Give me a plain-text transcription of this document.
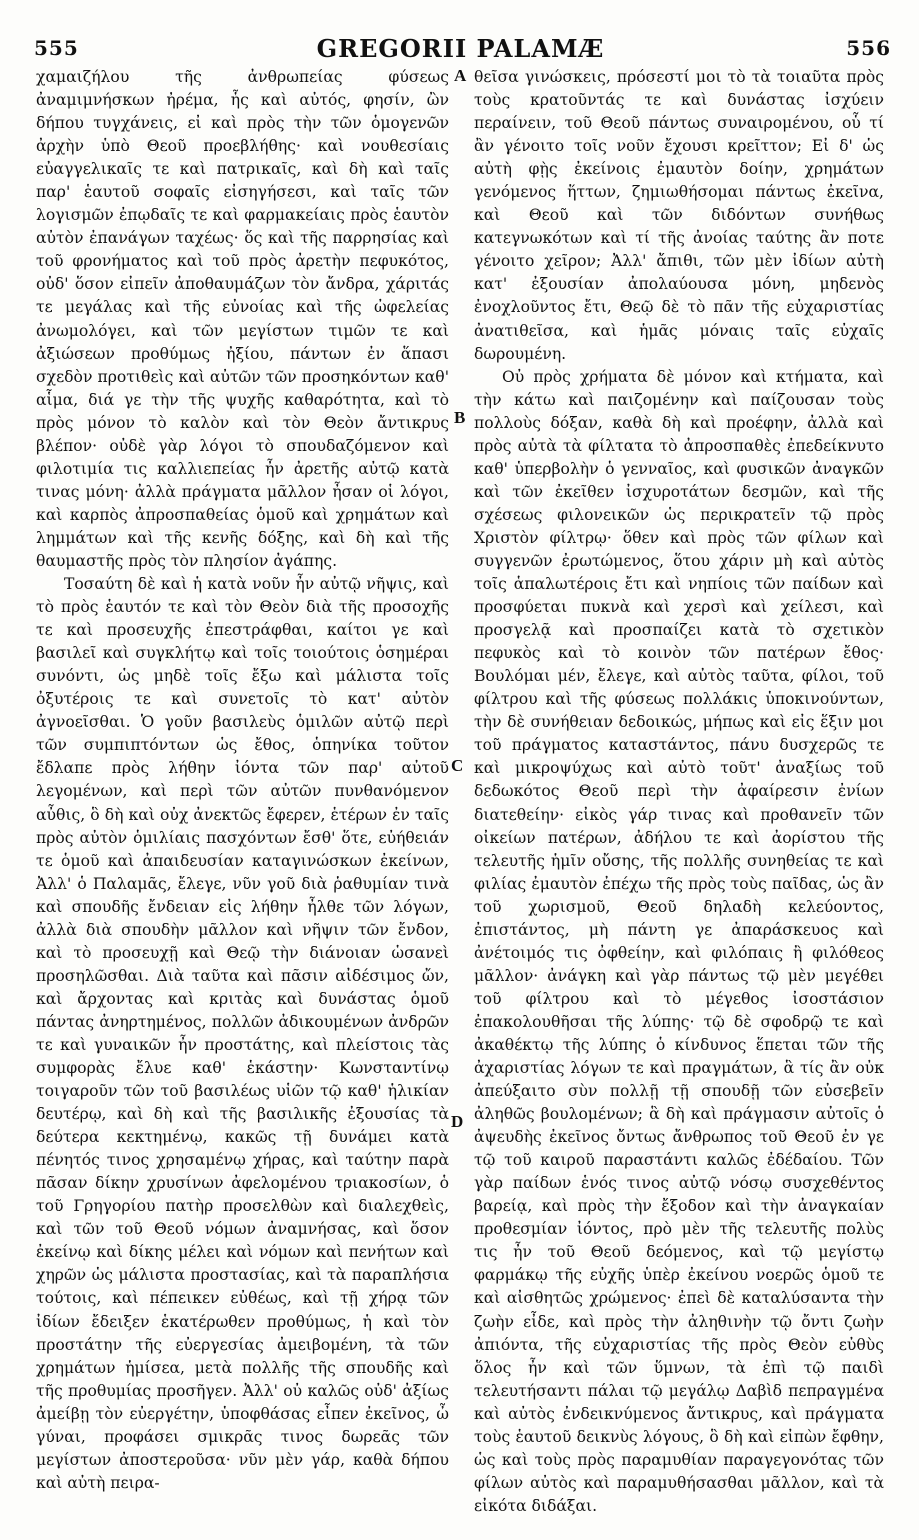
555	GREGORII PALAMÆ	556

χαμαιζήλου τῆς ἀνθρωπείας φύσεως ἀναμιμνήσκων ἠρέμα, ἧς καὶ αὐτός, φησίν, ὢν δήπου τυγχάνεις, εἰ καὶ πρὸς τὴν τῶν ὁμογενῶν ἀρχὴν ὑπὸ Θεοῦ προεβλήθης· καὶ νουθεσίαις εὐαγγελικαῖς τε καὶ πατρικαῖς, καὶ δὴ καὶ ταῖς παρ' ἑαυτοῦ σοφαῖς εἰσηγήσεσι, καὶ ταῖς τῶν λογισμῶν ἐπῳδαῖς τε καὶ φαρμακείαις πρὸς ἑαυτὸν αὐτὸν ἐπανάγων ταχέως· ὅς καὶ τῆς παρρησίας καὶ τοῦ φρονήματος καὶ τοῦ πρὸς ἀρετὴν πεφυκότος, οὐδ' ὅσον εἰπεῖν ἀποθαυμάζων τὸν ἄνδρα, χάριτάς τε μεγάλας καὶ τῆς εὐνοίας καὶ τῆς ὠφελείας ἀνωμολόγει, καὶ τῶν μεγίστων τιμῶν τε καὶ ἀξιώσεων προθύμως ἠξίου, πάντων ἐν ἅπασι σχεδὸν προτιθεὶς καὶ αὐτῶν τῶν προσηκόντων καθ' αἷμα, διά γε τὴν τῆς ψυχῆς καθαρότητα, καὶ τὸ πρὸς μόνον τὸ καλὸν καὶ τὸν Θεὸν ἄντικρυς βλέπον· οὐδὲ γὰρ λόγοι τὸ σπουδαζόμενον καὶ φιλοτιμία τις καλλιεπείας ἦν ἀρετῆς αὐτῷ κατὰ τινας μόνη· ἀλλὰ πράγματα μᾶλλον ἦσαν οἱ λόγοι, καὶ καρπὸς ἀπροσπαθείας ὁμοῦ καὶ χρημάτων καὶ λημμάτων καὶ τῆς κενῆς δόξης, καὶ δὴ καὶ τῆς θαυμαστῆς πρὸς τὸν πλησίον ἀγάπης.

Τοσαύτη δὲ καὶ ἡ κατὰ νοῦν ἦν αὐτῷ νῆψις, καὶ τὸ πρὸς ἑαυτόν τε καὶ τὸν Θεὸν διὰ τῆς προσοχῆς τε καὶ προσευχῆς ἐπεστράφθαι, καίτοι γε καὶ βασιλεῖ καὶ συγκλήτῳ καὶ τοῖς τοιούτοις ὁσημέραι συνόντι, ὡς μηδὲ τοῖς ἔξω καὶ μάλιστα τοῖς ὀξυτέροις τε καὶ συνετοῖς τὸ κατ' αὐτὸν ἀγνοεῖσθαι. Ὁ γοῦν βασιλεὺς ὁμιλῶν αὐτῷ περὶ τῶν συμπιπτόντων ὡς ἔθος, ὁπηνίκα τοῦτον ἔδλαπε πρὸς λήθην ἰόντα τῶν παρ' αὐτοῦ λεγομένων, καὶ περὶ τῶν αὐτῶν πυνθανόμενον αὖθις, ὃ δὴ καὶ οὐχ ἀνεκτῶς ἔφερεν, ἑτέρων ἐν ταῖς πρὸς αὐτὸν ὁμιλίαις πασχόντων ἔσθ' ὅτε, εὐήθειάν τε ὁμοῦ καὶ ἀπαιδευσίαν καταγινώσκων ἐκείνων, Ἀλλ' ὁ Παλαμᾶς, ἔλεγε, νῦν γοῦ διὰ ῥαθυμίαν τινὰ καὶ σπουδῆς ἔνδειαν εἰς λήθην ἦλθε τῶν λόγων, ἀλλὰ διὰ σπουδὴν μᾶλλον καὶ νῆψιν τῶν ἔνδον, καὶ τὸ προσευχῇ καὶ Θεῷ τὴν διάνοιαν ὡσανεὶ προσηλῶσθαι. Διὰ ταῦτα καὶ πᾶσιν αἰδέσιμος ὤν, καὶ ἄρχοντας καὶ κριτὰς καὶ δυνάστας ὁμοῦ πάντας ἀνηρτημένος, πολλῶν ἀδικουμένων ἀνδρῶν τε καὶ γυναικῶν ἦν προστάτης, καὶ πλείστοις τὰς συμφορὰς ἔλυε καθ' ἑκάστην· Κωνσταντίνῳ τοιγαροῦν τῶν τοῦ βασιλέως υἱῶν τῷ καθ' ἡλικίαν δευτέρῳ, καὶ δὴ καὶ τῆς βασιλικῆς ἐξουσίας τὰ δεύτερα κεκτημένῳ, κακῶς τῇ δυνάμει κατὰ πένητός τινος χρησαμένῳ χήρας, καὶ ταύτην παρὰ πᾶσαν δίκην χρυσίνων ἀφελομένου τριακοσίων, ὁ τοῦ Γρηγορίου πατὴρ προσελθὼν καὶ διαλεχθεὶς, καὶ τῶν τοῦ Θεοῦ νόμων ἀναμνήσας, καὶ ὅσον ἐκείνῳ καὶ δίκης μέλει καὶ νόμων καὶ πενήτων καὶ χηρῶν ὡς μάλιστα προστασίας, καὶ τὰ παραπλήσια τούτοις, καὶ πέπεικεν εὐθέως, καὶ τῇ χήρᾳ τῶν ἰδίων ἔδειξεν ἑκατέρωθεν προθύμως, ἡ καὶ τὸν προστάτην τῆς εὐεργεσίας ἀμειβομένη, τὰ τῶν χρημάτων ἡμίσεα, μετὰ πολλῆς τῆς σπουδῆς καὶ τῆς προθυμίας προσῆγεν. Ἀλλ' οὐ καλῶς οὐδ' ἀξίως ἀμείβῃ τὸν εὐεργέτην, ὑποφθάσας εἶπεν ἐκεῖνος, ὦ γύναι, προφάσει σμικρᾶς τινος δωρεᾶς τῶν μεγίστων ἀποστεροῦσα· νῦν μὲν γάρ, καθὰ δήπου καὶ αὐτὴ πειρα-

A
B
C
D

θεῖσα γινώσκεις, πρόσεστί μοι τὸ τὰ τοιαῦτα πρὸς τοὺς κρατοῦντάς τε καὶ δυνάστας ἰσχύειν περαίνειν, τοῦ Θεοῦ πάντως συναιρομένου, οὗ τί ἂν γένοιτο τοῖς νοῦν ἔχουσι κρεῖττον; Εἰ δ' ὡς αὐτὴ φῂς ἐκείνοις ἐμαυτὸν δοίην, χρημάτων γενόμενος ἥττων, ζημιωθήσομαι πάντως ἐκεῖνα, καὶ Θεοῦ καὶ τῶν διδόντων συνήθως κατεγνωκότων καὶ τί τῆς ἀνοίας ταύτης ἂν ποτε γένοιτο χεῖρον; Ἀλλ' ἄπιθι, τῶν μὲν ἰδίων αὐτὴ κατ' ἐξουσίαν ἀπολαύουσα μόνη, μηδενὸς ἐνοχλοῦντος ἔτι, Θεῷ δὲ τὸ πᾶν τῆς εὐχαριστίας ἀνατιθεῖσα, καὶ ἡμᾶς μόναις ταῖς εὐχαῖς δωρουμένη.

Οὐ πρὸς χρήματα δὲ μόνον καὶ κτήματα, καὶ τὴν κάτω καὶ παιζομένην καὶ παίζουσαν τοὺς πολλοὺς δόξαν, καθὰ δὴ καὶ προέφην, ἀλλὰ καὶ πρὸς αὐτὰ τὰ φίλτατα τὸ ἀπροσπαθὲς ἐπεδείκνυτο καθ' ὑπερβολὴν ὁ γενναῖος, καὶ φυσικῶν ἀναγκῶν καὶ τῶν ἐκεῖθεν ἰσχυροτάτων δεσμῶν, καὶ τῆς σχέσεως φιλονεικῶν ὡς περικρατεῖν τῷ πρὸς Χριστὸν φίλτρῳ· ὅθεν καὶ πρὸς τῶν φίλων καὶ συγγενῶν ἐρωτώμενος, ὅτου χάριν μὴ καὶ αὐτὸς τοῖς ἁπαλωτέροις ἔτι καὶ νηπίοις τῶν παίδων καὶ προσφύεται πυκνὰ καὶ χερσὶ καὶ χείλεσι, καὶ προσγελᾷ καὶ προσπαίζει κατὰ τὸ σχετικὸν πεφυκὸς καὶ τὸ κοινὸν τῶν πατέρων ἔθος· Βουλόμαι μέν, ἔλεγε, καὶ αὐτὸς ταῦτα, φίλοι, τοῦ φίλτρου καὶ τῆς φύσεως πολλάκις ὑποκινούντων, τὴν δὲ συνήθειαν δεδοικώς, μήπως καὶ εἰς ἕξιν μοι τοῦ πράγματος καταστάντος, πάνυ δυσχερῶς τε καὶ μικροψύχως καὶ αὐτὸ τοῦτ' ἀναξίως τοῦ δεδωκότος Θεοῦ περὶ τὴν ἀφαίρεσιν ἐνίων διατεθείην· εἰκὸς γάρ τινας καὶ προθανεῖν τῶν οἰκείων πατέρων, ἀδήλου τε καὶ ἀορίστου τῆς τελευτῆς ἡμῖν οὔσης, τῆς πολλῆς συνηθείας τε καὶ φιλίας ἐμαυτὸν ἐπέχω τῆς πρὸς τοὺς παῖδας, ὡς ἂν τοῦ χωρισμοῦ, Θεοῦ δηλαδὴ κελεύοντος, ἐπιστάντος, μὴ πάντη γε ἀπαράσκευος καὶ ἀνέτοιμός τις ὀφθείην, καὶ φιλόπαις ἢ φιλόθεος μᾶλλον· ἀνάγκη καὶ γὰρ πάντως τῷ μὲν μεγέθει τοῦ φίλτρου καὶ τὸ μέγεθος ἰσοστάσιον ἐπακολουθῆσαι τῆς λύπης· τῷ δὲ σφοδρῷ τε καὶ ἀκαθέκτῳ τῆς λύπης ὁ κίνδυνος ἕπεται τῶν τῆς ἀχαριστίας λόγων τε καὶ πραγμάτων, ἃ τίς ἂν οὐκ ἀπεύξαιτο σὺν πολλῇ τῇ σπουδῇ τῶν εὐσεβεῖν ἀληθῶς βουλομένων; ἃ δὴ καὶ πράγμασιν αὐτοῖς ὁ ἀψευδὴς ἐκεῖνος ὄντως ἄνθρωπος τοῦ Θεοῦ ἐν γε τῷ τοῦ καιροῦ παραστάντι καλῶς ἐδέδαίου. Τῶν γὰρ παίδων ἑνός τινος αὐτῷ νόσῳ συσχεθέντος βαρείᾳ, καὶ πρὸς τὴν ἔξοδον καὶ τὴν ἀναγκαίαν προθεσμίαν ἰόντος, πρὸ μὲν τῆς τελευτῆς πολὺς τις ἦν τοῦ Θεοῦ δεόμενος, καὶ τῷ μεγίστῳ φαρμάκῳ τῆς εὐχῆς ὑπὲρ ἐκείνου νοερῶς ὁμοῦ τε καὶ αἰσθητῶς χρώμενος· ἐπεὶ δὲ καταλύσαντα τὴν ζωὴν εἶδε, καὶ πρὸς τὴν ἀληθινὴν τῷ ὄντι ζωὴν ἀπιόντα, τῆς εὐχαριστίας τῆς πρὸς Θεὸν εὐθὺς ὅλος ἦν καὶ τῶν ὕμνων, τὰ ἐπὶ τῷ παιδὶ τελευτήσαντι πάλαι τῷ μεγάλῳ Δαβὶδ πεπραγμένα καὶ αὐτὸς ἐνδεικνύμενος ἄντικρυς, καὶ πράγματα τοὺς ἑαυτοῦ δεικνὺς λόγους, ὃ δὴ καὶ εἰπὼν ἔφθην, ὡς καὶ τοὺς πρὸς παραμυθίαν παραγεγονότας τῶν φίλων αὐτὸς καὶ παραμυθήσασθαι μᾶλλον, καὶ τὰ εἰκότα διδάξαι.
